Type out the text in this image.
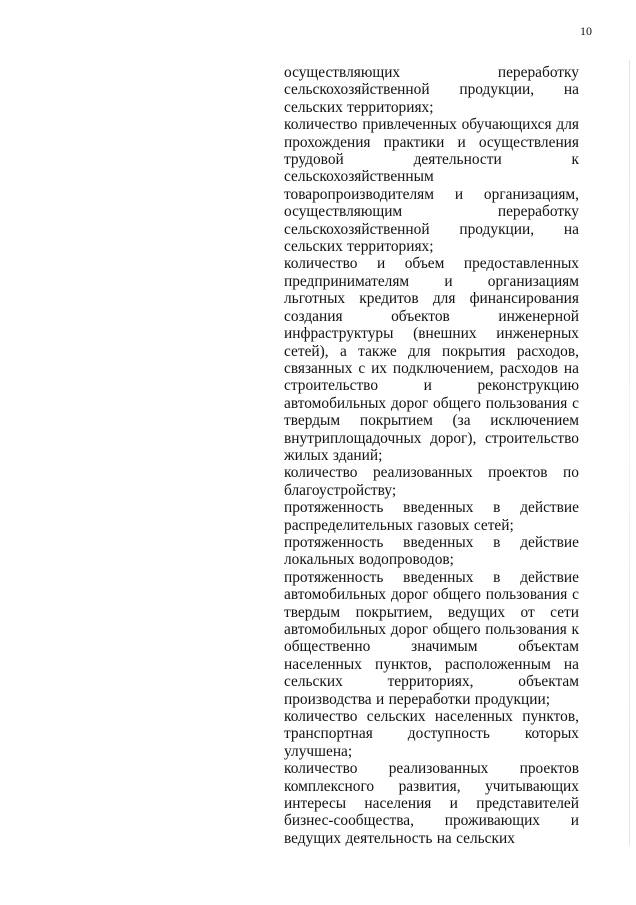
10

осуществляющих переработку сельскохозяйственной продукции, на сельских территориях;

количество привлеченных обучающихся для прохождения практики и осуществления трудовой деятельности к сельскохозяйственным товаропроизводителям и организациям, осуществляющим переработку сельскохозяйственной продукции, на сельских территориях;

количество и объем предоставленных предпринимателям и организациям льготных кредитов для финансирования создания объектов инженерной инфраструктуры (внешних инженерных сетей), а также для покрытия расходов, связанных с их подключением, расходов на строительство и реконструкцию автомобильных дорог общего пользования с твердым покрытием (за исключением внутриплощадочных дорог), строительство жилых зданий;

количество реализованных проектов по благоустройству;

протяженность введенных в действие распределительных газовых сетей;

протяженность введенных в действие локальных водопроводов;

протяженность введенных в действие автомобильных дорог общего пользования с твердым покрытием, ведущих от сети автомобильных дорог общего пользования к общественно значимым объектам населенных пунктов, расположенным на сельских территориях, объектам производства и переработки продукции;

количество сельских населенных пунктов, транспортная доступность которых улучшена;

количество реализованных проектов комплексного развития, учитывающих интересы населения и представителей бизнес-сообщества, проживающих и ведущих деятельность на сельских
